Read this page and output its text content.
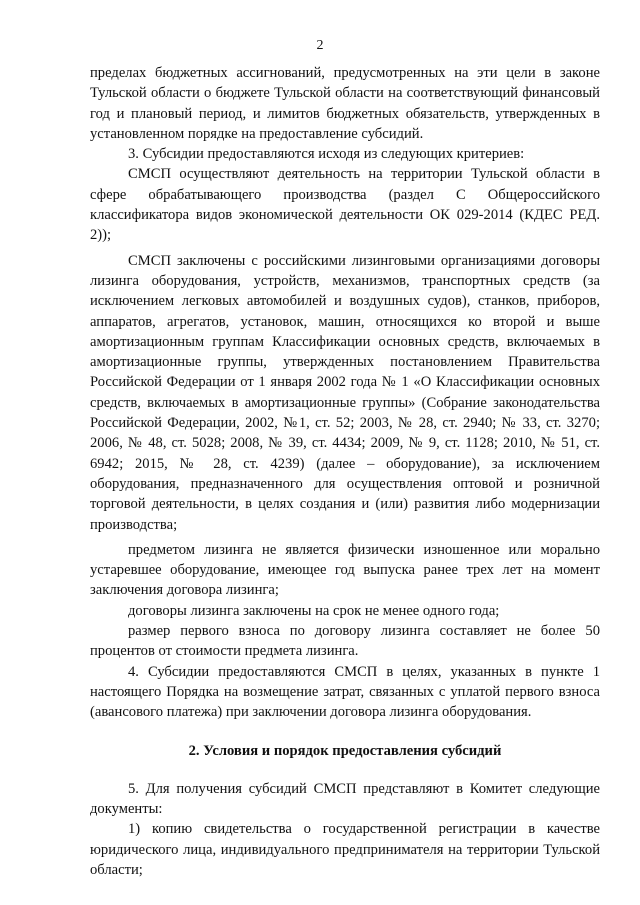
2

пределах бюджетных ассигнований, предусмотренных на эти цели в законе Тульской области о бюджете Тульской области на соответствующий финансовый год и плановый период, и лимитов бюджетных обязательств, утвержденных в установленном порядке на предоставление субсидий.

3. Субсидии предоставляются исходя из следующих критериев:

СМСП осуществляют деятельность на территории Тульской области в сфере обрабатывающего производства (раздел С Общероссийского классификатора видов экономической деятельности ОК 029-2014 (КДЕС РЕД. 2));

СМСП заключены с российскими лизинговыми организациями договоры лизинга оборудования, устройств, механизмов, транспортных средств (за исключением легковых автомобилей и воздушных судов), станков, приборов, аппаратов, агрегатов, установок, машин, относящихся ко второй и выше амортизационным группам Классификации основных средств, включаемых в амортизационные группы, утвержденных постановлением Правительства Российской Федерации от 1 января 2002 года № 1 «О Классификации основных средств, включаемых в амортизационные группы» (Собрание законодательства Российской Федерации, 2002, №1, ст. 52; 2003, № 28, ст. 2940; № 33, ст. 3270; 2006, № 48, ст. 5028; 2008, № 39, ст. 4434; 2009, № 9, ст. 1128; 2010, № 51, ст. 6942; 2015, № 28, ст. 4239) (далее – оборудование), за исключением оборудования, предназначенного для осуществления оптовой и розничной торговой деятельности, в целях создания и (или) развития либо модернизации производства;

предметом лизинга не является физически изношенное или морально устаревшее оборудование, имеющее год выпуска ранее трех лет на момент заключения договора лизинга;

договоры лизинга заключены на срок не менее одного года;

размер первого взноса по договору лизинга составляет не более 50 процентов от стоимости предмета лизинга.

4. Субсидии предоставляются СМСП в целях, указанных в пункте 1 настоящего Порядка на возмещение затрат, связанных с уплатой первого взноса (авансового платежа) при заключении договора лизинга оборудования.

2. Условия и порядок предоставления субсидий

5. Для получения субсидий СМСП представляют в Комитет следующие документы:

1) копию свидетельства о государственной регистрации в качестве юридического лица, индивидуального предпринимателя на территории Тульской области;
